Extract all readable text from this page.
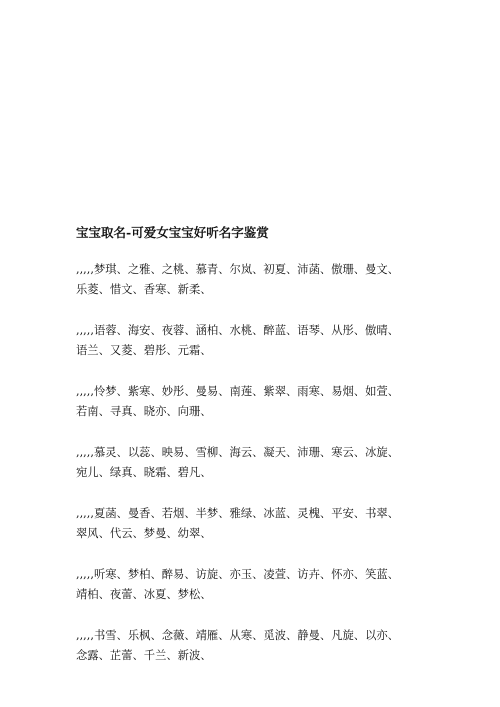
宝宝取名-可爱女宝宝好听名字鉴赏
,,,,,梦琪、之雅、之桃、慕青、尔岚、初夏、沛菡、傲珊、曼文、
乐菱、惜文、香寒、新柔、
,,,,,语蓉、海安、夜蓉、涵柏、水桃、醉蓝、语琴、从彤、傲晴、
语兰、又菱、碧彤、元霜、
,,,,,怜梦、紫寒、妙彤、曼易、南莲、紫翠、雨寒、易烟、如萱、
若南、寻真、晓亦、向珊、
,,,,,慕灵、以蕊、映易、雪柳、海云、凝天、沛珊、寒云、冰旋、
宛儿、绿真、晓霜、碧凡、
,,,,,夏菡、曼香、若烟、半梦、雅绿、冰蓝、灵槐、平安、书翠、
翠风、代云、梦曼、幼翠、
,,,,,听寒、梦柏、醉易、访旋、亦玉、凌萱、访卉、怀亦、笑蓝、
靖柏、夜蕾、冰夏、梦松、
,,,,,书雪、乐枫、念薇、靖雁、从寒、觅波、静曼、凡旋、以亦、
念露、芷蕾、千兰、新波、
